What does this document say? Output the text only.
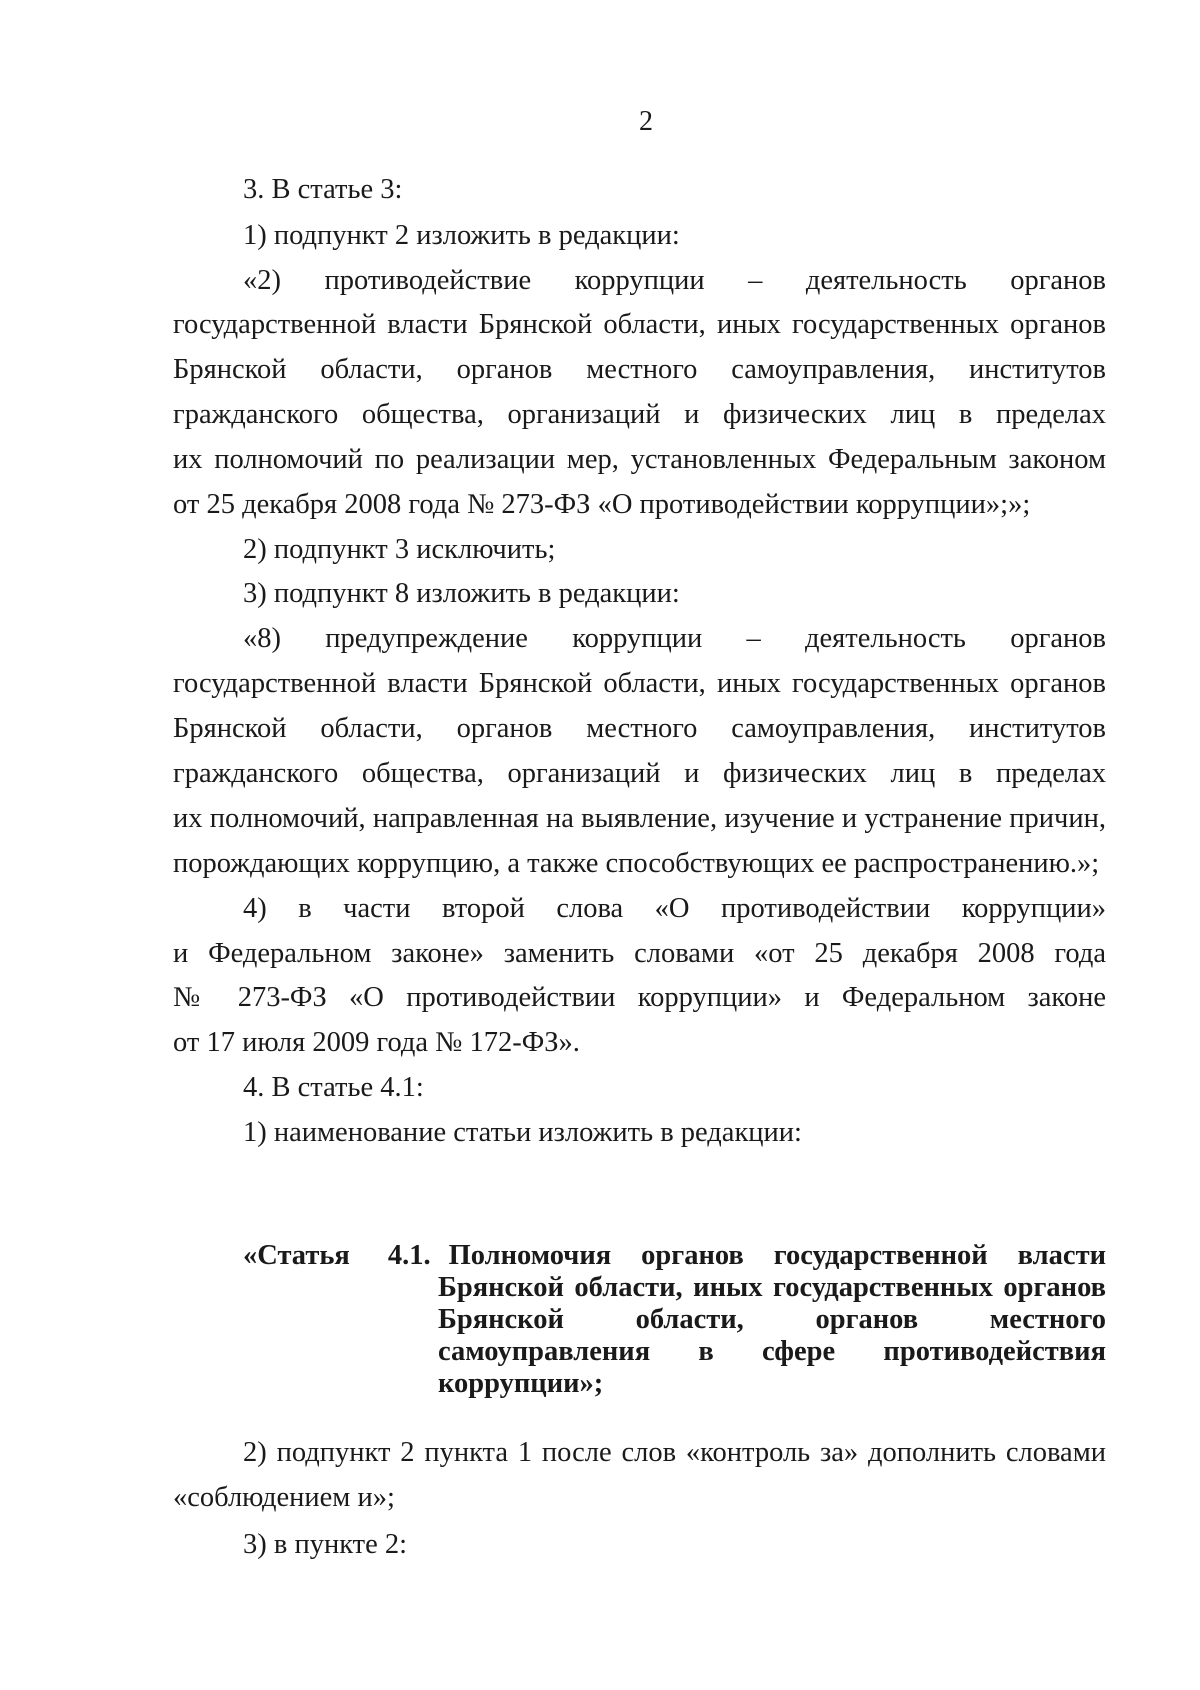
2
3. В статье 3:
1) подпункт 2 изложить в редакции:
«2) противодействие коррупции – деятельность органов
государственной власти Брянской области, иных государственных органов
Брянской области, органов местного самоуправления, институтов
гражданского общества, организаций и физических лиц в пределах
их полномочий по реализации мер, установленных Федеральным законом
от 25 декабря 2008 года № 273-ФЗ «О противодействии коррупции»;»;
2) подпункт 3 исключить;
3) подпункт 8 изложить в редакции:
«8) предупреждение коррупции – деятельность органов
государственной власти Брянской области, иных государственных органов
Брянской области, органов местного самоуправления, институтов
гражданского общества, организаций и физических лиц в пределах
их полномочий, направленная на выявление, изучение и устранение причин,
порождающих коррупцию, а также способствующих ее распространению.»;
4) в части второй слова «О противодействии коррупции»
и Федеральном законе» заменить словами «от 25 декабря 2008 года
№ 273-ФЗ «О противодействии коррупции» и Федеральном законе
от 17 июля 2009 года № 172-ФЗ».
4. В статье 4.1:
1) наименование статьи изложить в редакции:
«Статья 4.1. Полномочия органов государственной власти
Брянской области, иных государственных органов
Брянской области, органов местного
самоуправления в сфере противодействия
коррупции»;
2) подпункт 2 пункта 1 после слов «контроль за» дополнить словами
«соблюдением и»;
3) в пункте 2:
